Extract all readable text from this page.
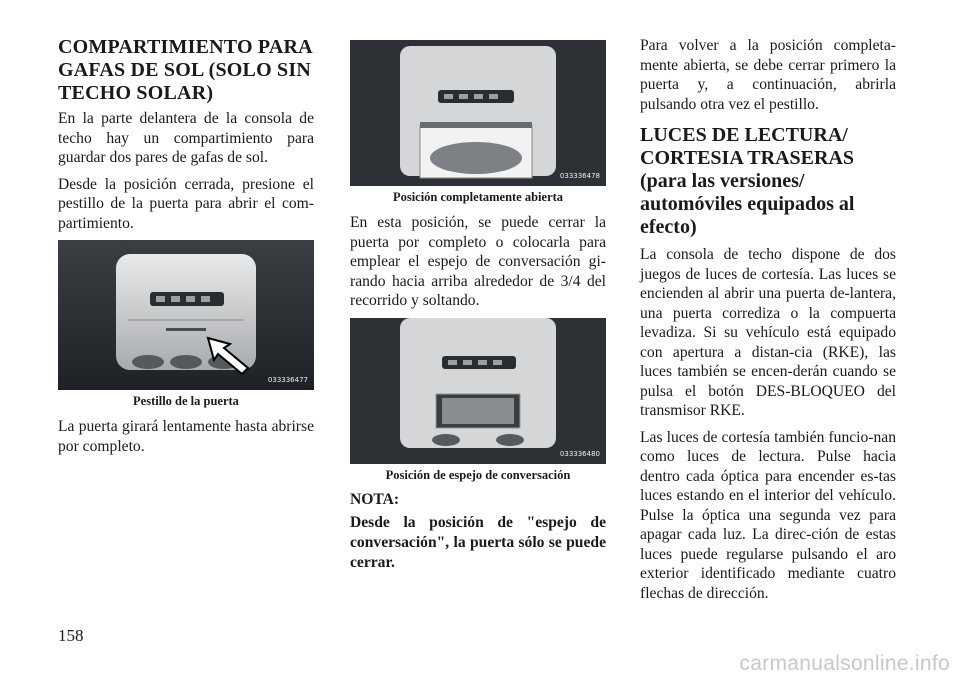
COMPARTIMIENTO PARA GAFAS DE SOL (SOLO SIN TECHO SOLAR)

En la parte delantera de la consola de techo hay un compartimiento para guardar dos pares de gafas de sol.

Desde la posición cerrada, presione el pestillo de la puerta para abrir el com-partimiento.

033336477
Pestillo de la puerta

La puerta girará lentamente hasta abrirse por completo.

033336478
Posición completamente abierta

En esta posición, se puede cerrar la puerta por completo o colocarla para emplear el espejo de conversación gi-rando hacia arriba alrededor de 3/4 del recorrido y soltando.

033336480
Posición de espejo de conversación
NOTA:

Desde la posición de "espejo de conversación", la puerta sólo se puede cerrar.

Para volver a la posición completa-mente abierta, se debe cerrar primero la puerta y, a continuación, abrirla pulsando otra vez el pestillo.

LUCES DE LECTURA/ CORTESIA TRASERAS (para las versiones/ automóviles equipados al efecto)

La consola de techo dispone de dos juegos de luces de cortesía. Las luces se encienden al abrir una puerta de-lantera, una puerta corrediza o la compuerta levadiza. Si su vehículo está equipado con apertura a distan-cia (RKE), las luces también se encen-derán cuando se pulsa el botón DES-BLOQUEO del transmisor RKE.

Las luces de cortesía también funcio-nan como luces de lectura. Pulse hacia dentro cada óptica para encender es-tas luces estando en el interior del vehículo. Pulse la óptica una segunda vez para apagar cada luz. La direc-ción de estas luces puede regularse pulsando el aro exterior identificado mediante cuatro flechas de dirección.

158
carmanualsonline.info
